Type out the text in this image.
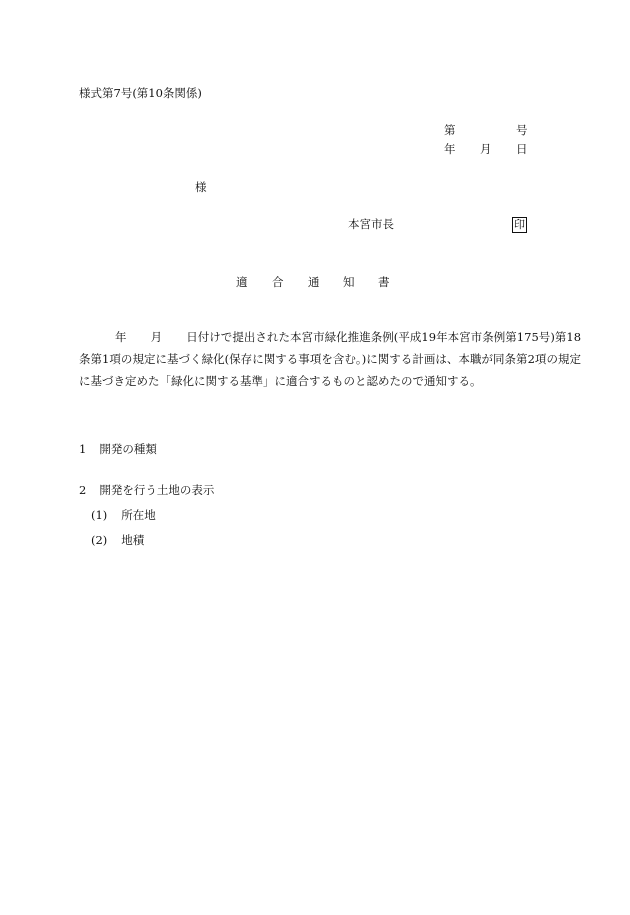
様式第7号(第10条関係)
第	号
年 月 日
様
本宮市長	印
適 合 通 知 書
年 月 日付けで提出された本宮市緑化推進条例(平成19年本宮市条例第175号)第18条第1項の規定に基づく緑化(保存に関する事項を含む。)に関する計画は、本職が同条第2項の規定に基づき定めた「緑化に関する基準」に適合するものと認めたので通知する。
1 開発の種類
2 開発を行う土地の表示
(1) 所在地
(2) 地積
